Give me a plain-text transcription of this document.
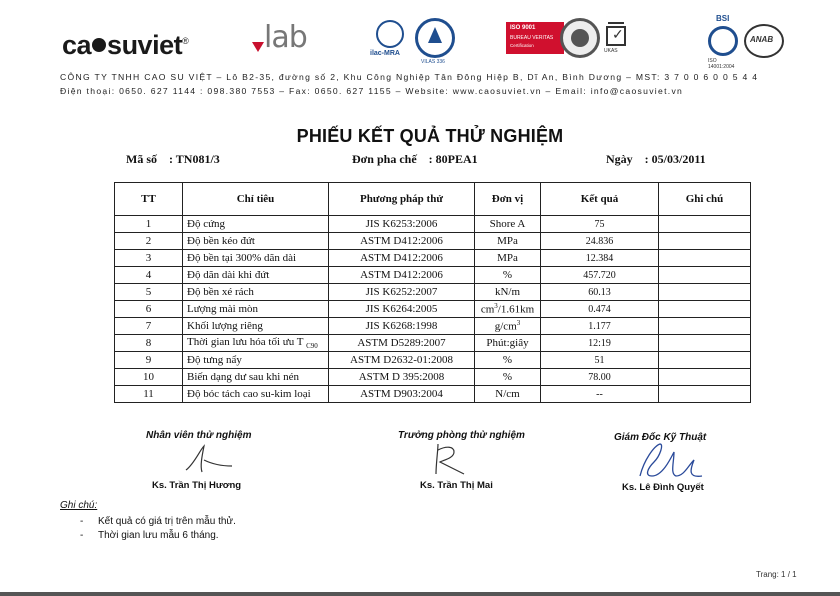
ca suviet®	lab	ilac-MRA
VILAS 336
ISO 9001
BUREAU VERITAS
Certification
✓
UKAS
BSI
ISO 14001:2004
ANAB
CÔNG TY TNHH CAO SU VIỆT – Lô B2-35, đường số 2, Khu Công Nghiệp Tân Đông Hiệp B, Dĩ An, Bình Dương – MST: 3 7 0 0 6 0 0 5 4 4
Điện thoại: 0650. 627 1144 : 098.380 7553 – Fax: 0650. 627 1155 – Website: www.caosuviet.vn – Email: info@caosuviet.vn
PHIẾU KẾT QUẢ THỬ NGHIỆM
Mã số : TN081/3	Đơn pha chế : 80PEA1	Ngày : 05/03/2011
TT	Chỉ tiêu	Phương pháp thử	Đơn vị	Kết quả	Ghi chú
1	Độ cứng	JIS K6253:2006	Shore A	75	
2	Độ bền kéo đứt	ASTM D412:2006	MPa	24.836	
3	Độ bền tại 300% dãn dài	ASTM D412:2006	MPa	12.384	
4	Độ dãn dài khi đứt	ASTM D412:2006	%	457.720	
5	Độ bền xé rách	JIS K6252:2007	kN/m	60.13	
6	Lượng mài mòn	JIS K6264:2005	$cm^3/1.61km$	0.474	
7	Khối lượng riêng	JIS K6268:1998	$g/cm^3$	1.177	
8	Thời gian lưu hóa tối ưu T $_{C90}$	ASTM D5289:2007	Phút:giây	12:19	
9	Độ tưng nẩy	ASTM D2632-01:2008	%	51	
10	Biến dạng dư sau khi nén	ASTM D 395:2008	%	78.00	
11	Độ bóc tách cao su-kim loại	ASTM D903:2004	N/cm	--	
Nhân viên thử nghiệm
Ks. Trần Thị Hương
Trưởng phòng thử nghiệm
Ks. Trần Thị Mai
Giám Đốc Kỹ Thuật
Ks. Lê Đình Quyết
Ghi chú:
- Kết quả có giá trị trên mẫu thử.
- Thời gian lưu mẫu 6 tháng.
Trang: 1 / 1
